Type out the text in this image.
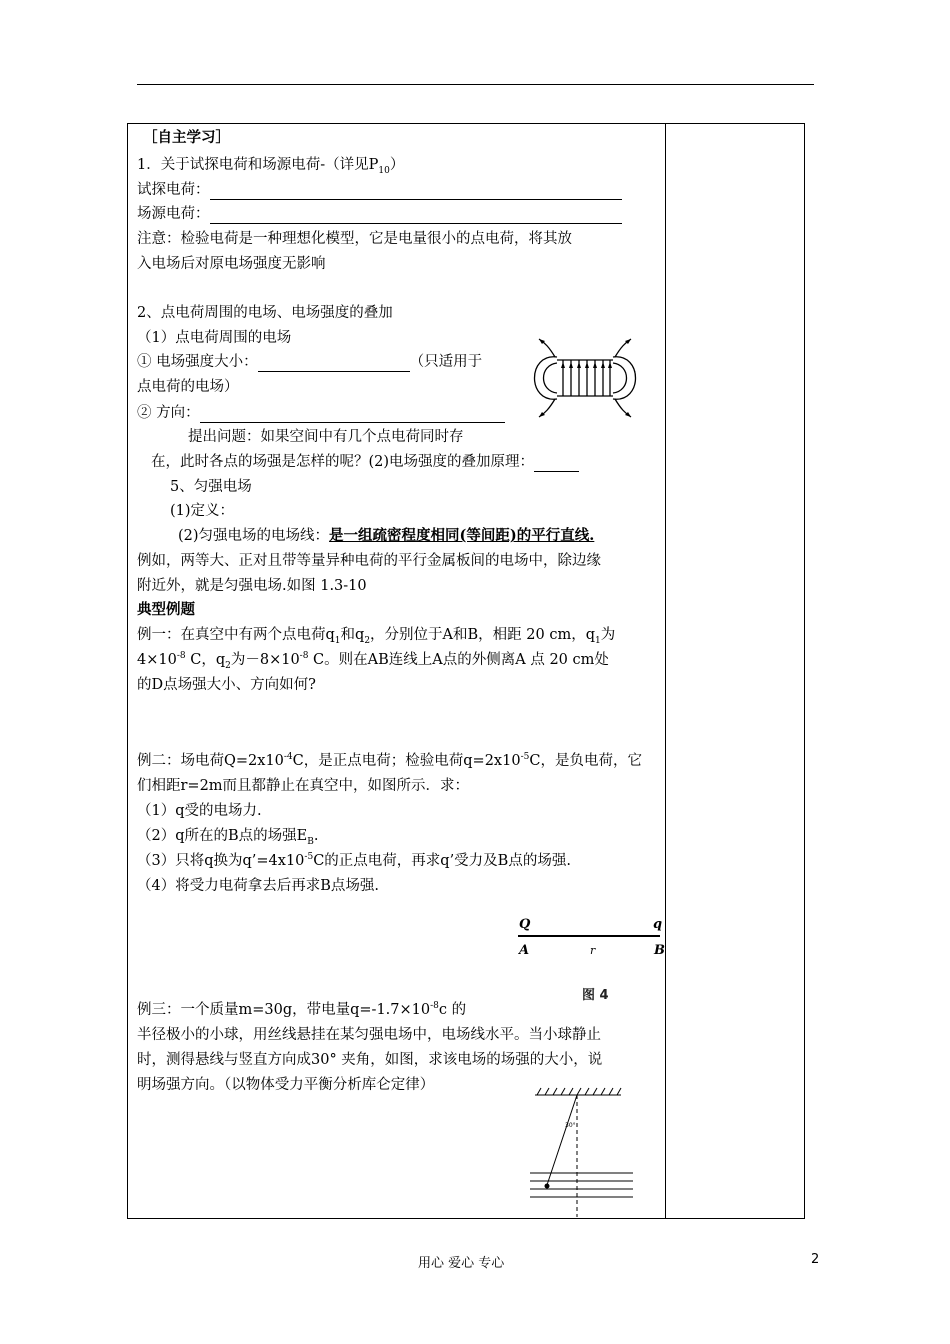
［自主学习］
1．关于试探电荷和场源电荷-（详见$P_{10}$）
试探电荷：
场源电荷：
注意：检验电荷是一种理想化模型，它是电量很小的点电荷，将其放
入电场后对原电场强度无影响
2、点电荷周围的电场、电场强度的叠加
（1）点电荷周围的电场
① 电场强度大小：	（只适用于
点电荷的电场）
② 方向：
提出问题：如果空间中有几个点电荷同时存
在，此时各点的场强是怎样的呢？(2)电场强度的叠加原理：
5、匀强电场
(1)定义：
(2)匀强电场的电场线：是一组疏密程度相同(等间距)的平行直线.
例如，两等大、正对且带等量异种电荷的平行金属板间的电场中，除边缘
附近外，就是匀强电场.如图 1.3-10
典型例题
例一：在真空中有两个点电荷$q_1$和$q_2$，分别位于A和B，相距 20 cm，$q_1$为
$4\times 10^{-8}$ C，$q_2$为$-8\times 10^{-8}$ C。则在AB连线上A点的外侧离A 点 20 cm处
的D点场强大小、方向如何?
例二：场电荷$Q=2x10^{-4}C$，是正点电荷；检验电荷$q=2x10^{-5}C$，是负电荷，它
们相距r=2m而且都静止在真空中，如图所示．求：
（1）q受的电场力.
（2）q所在的B点的场强$E_B$.
（3）只将q换为$q’=4x10^{-5}C$的正点电荷，再求q’受力及B点的场强.
（4）将受力电荷拿去后再求B点场强.
Q	q
A	r	B
图 4
例三：一个质量m=30g，带电量$q=-1.7\times 10^{-8}c$ 的
半径极小的小球，用丝线悬挂在某匀强电场中，电场线水平。当小球静止
时，测得悬线与竖直方向成30° 夹角，如图，求该电场的场强的大小，说
明场强方向。（以物体受力平衡分析库仑定律）
30°
用心 爱心 专心	2
